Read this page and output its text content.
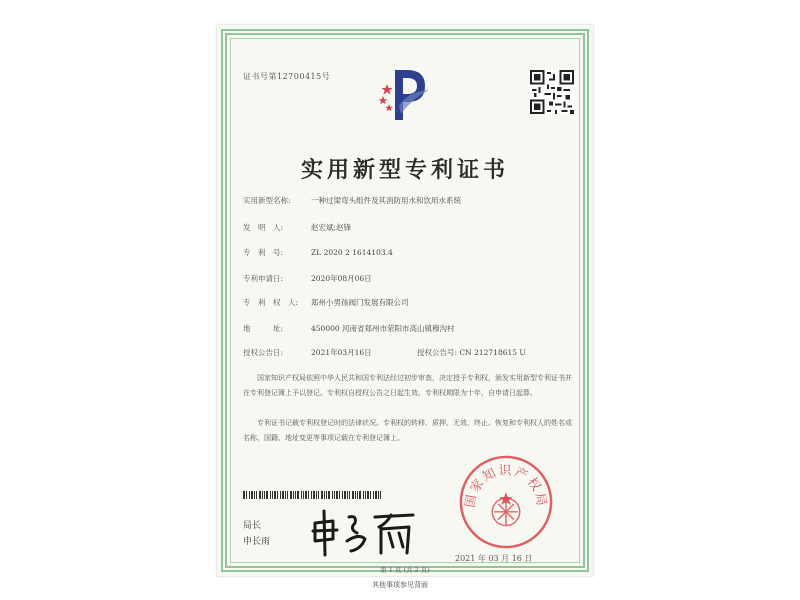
证书号第12700415号
实用新型专利证书
实用新型名称:	一种过梁弯头组件及其消防用水和饮用水系统
发　明　人:	赵宏斌;赵锋
专　利　号:	ZL 2020 2 1614103.4
专利申请日:	2020年08月06日
专　利　权　人: 郑州小男孩阀门发展有限公司
地　　　址:	450000 河南省郑州市荥阳市高山镇穆沟村
授权公告日:	2021年03月16日	授权公告号: CN 212718615 U
国家知识产权局依照中华人民共和国专利法经过初步审查，决定授予专利权，颁发实用新型专利证书并在专利登记簿上予以登记。专利权自授权公告之日起生效。专利权期限为十年，自申请日起算。
专利证书记载专利权登记时的法律状况。专利权的转移、质押、无效、终止、恢复和专利权人的姓名或名称、国籍、地址变更等事项记载在专利登记簿上。
局长
申长雨
国家知识产权局
2021 年 03 月 16 日
第 1 页 (共 2 页)
其他事项参见背面
